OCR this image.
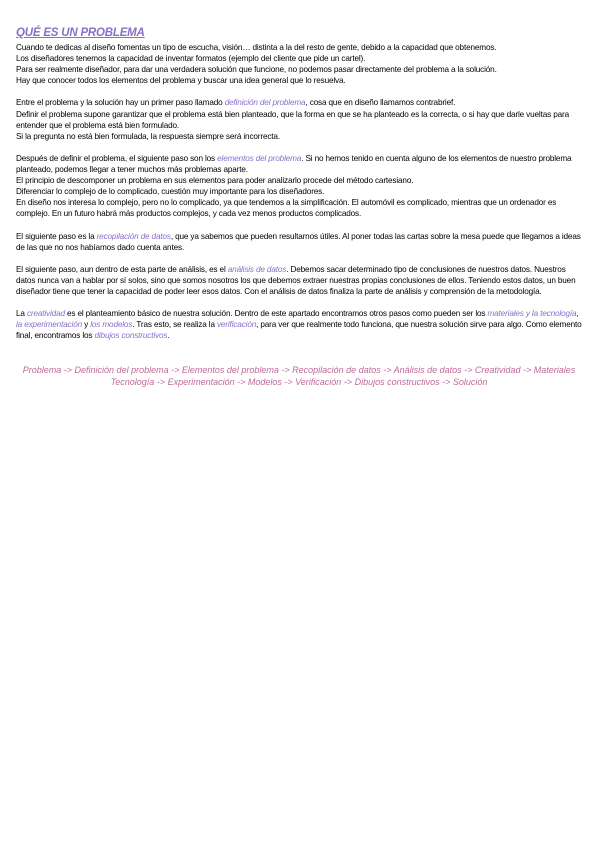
QUÉ ES UN PROBLEMA

Cuando te dedicas al diseño fomentas un tipo de escucha, visión… distinta a la del resto de gente, debido a la capacidad que obtenemos.

Los diseñadores tenemos la capacidad de inventar formatos (ejemplo del cliente que pide un cartel).

Para ser realmente diseñador, para dar una verdadera solución que funcione, no podemos pasar directamente del problema a la solución.

Hay que conocer todos los elementos del problema y buscar una idea general que lo resuelva.

Entre el problema y la solución hay un primer paso llamado definición del problema, cosa que en diseño llamamos contrabrief.

Definir el problema supone garantizar que el problema está bien planteado, que la forma en que se ha planteado es la correcta, o si hay que darle vueltas para entender que el problema está bien formulado.

Si la pregunta no está bien formulada, la respuesta siempre será incorrecta.

Después de definir el problema, el siguiente paso son los elementos del problema. Si no hemos tenido en cuenta alguno de los elementos de nuestro problema planteado, podemos llegar a tener muchos más problemas aparte.

El principio de descomponer un problema en sus elementos para poder analizarlo procede del método cartesiano.

Diferenciar lo complejo de lo complicado, cuestión muy importante para los diseñadores.

En diseño nos interesa lo complejo, pero no lo complicado, ya que tendemos a la simplificación. El automóvil es complicado, mientras que un ordenador es complejo. En un futuro habrá más productos complejos, y cada vez menos productos complicados.

El siguiente paso es la recopilación de datos, que ya sabemos que pueden resultarnos útiles. Al poner todas las cartas sobre la mesa puede que llegamos a ideas de las que no nos habíamos dado cuenta antes.

El siguiente paso, aun dentro de esta parte de análisis, es el análisis de datos. Debemos sacar determinado tipo de conclusiones de nuestros datos. Nuestros datos nunca van a hablar por sí solos, sino que somos nosotros los que debemos extraer nuestras propias conclusiones de ellos. Teniendo estos datos, un buen diseñador tiene que tener la capacidad de poder leer esos datos. Con el análisis de datos finaliza la parte de análisis y comprensión de la metodología.

La creatividad es el planteamiento básico de nuestra solución. Dentro de este apartado encontramos otros pasos como pueden ser los materiales y la tecnología, la experimentación y los modelos. Tras esto, se realiza la verificación, para ver que realmente todo funciona, que nuestra solución sirve para algo. Como elemento final, encontramos los dibujos constructivos.

Problema -> Definición del problema -> Elementos del problema -> Recopilación de datos -> Análisis de datos -> Creatividad -> Materiales Tecnología -> Experimentación -> Modelos -> Verificación -> Dibujos constructivos -> Solución
